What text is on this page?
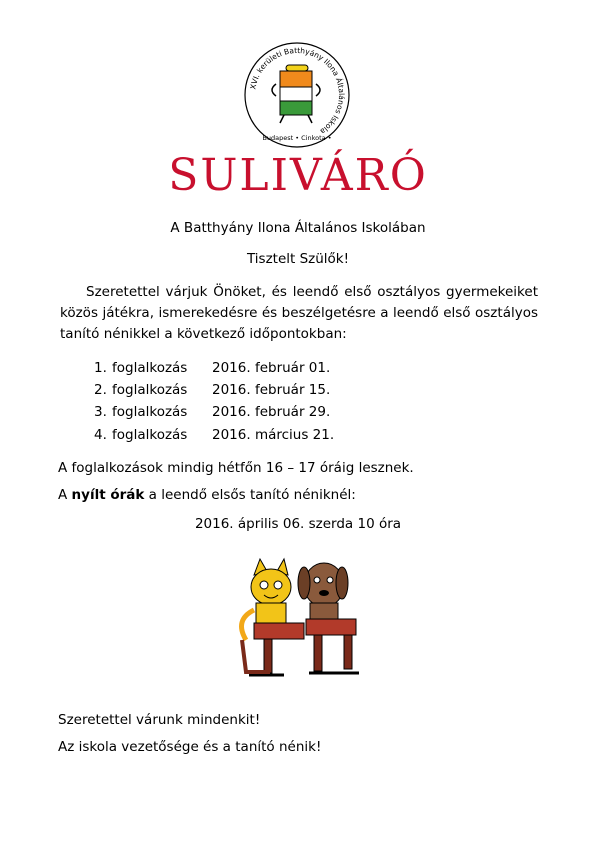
XVI. kerületi Batthyány Ilona Általános Iskola
Budapest • Cinkota •
SULIVÁRÓ
A Batthyány Ilona Általános Iskolában
Tisztelt Szülők!
Szeretettel várjuk Önöket, és leendő első osztályos gyermekeiket közös játékra, ismerekedésre és beszélgetésre a leendő első osztályos tanító nénikkel a következő időpontokban:
1. foglalkozás 2016. február 01.
2. foglalkozás 2016. február 15.
3. foglalkozás 2016. február 29.
4. foglalkozás 2016. március 21.
A foglalkozások mindig hétfőn 16 – 17 óráig lesznek.
A nyílt órák a leendő elsős tanító néniknél:
2016. április 06. szerda 10 óra
Szeretettel várunk mindenkit!
Az iskola vezetősége és a tanító nénik!
